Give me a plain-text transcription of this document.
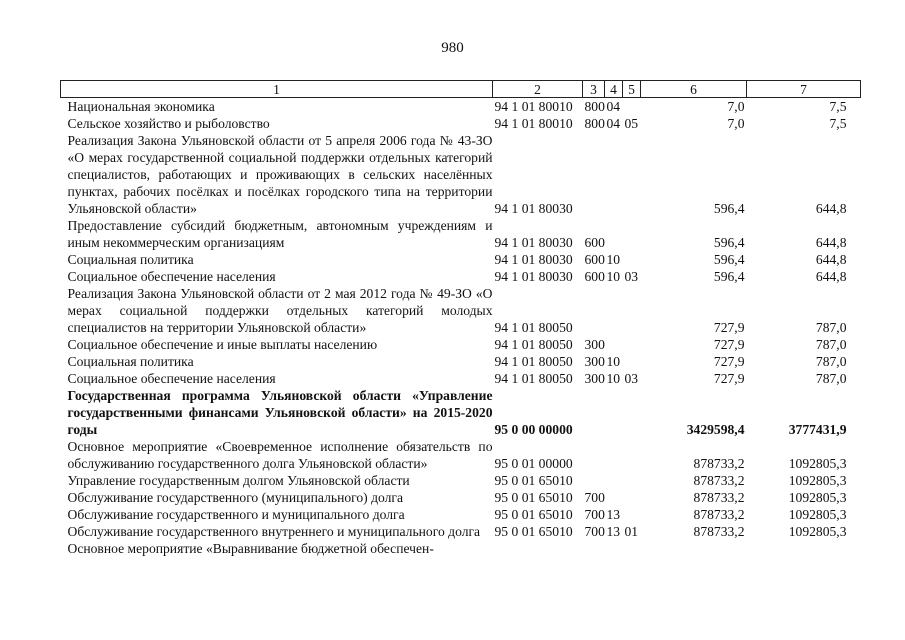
980
1	2	3	4	5	6	7
Национальная экономика	94 1 01 80010	800	04		7,0	7,5
Сельское хозяйство и рыболовство	94 1 01 80010	800	04	05	7,0	7,5
Реализация Закона Ульяновской области от 5 апреля 2006 года № 43-ЗО «О мерах государственной социальной поддержки отдельных категорий специалистов, работающих и проживающих в сельских населённых пунктах, рабочих посёлках и посёлках городского типа на территории Ульяновской области»	94 1 01 80030				596,4	644,8
Предоставление субсидий бюджетным, автономным учреждениям и иным некоммерческим организациям	94 1 01 80030	600			596,4	644,8
Социальная политика	94 1 01 80030	600	10		596,4	644,8
Социальное обеспечение населения	94 1 01 80030	600	10	03	596,4	644,8
Реализация Закона Ульяновской области от 2 мая 2012 года № 49-ЗО «О мерах социальной поддержки отдельных категорий молодых специалистов на территории Ульяновской области»	94 1 01 80050				727,9	787,0
Социальное обеспечение и иные выплаты населению	94 1 01 80050	300			727,9	787,0
Социальная политика	94 1 01 80050	300	10		727,9	787,0
Социальное обеспечение населения	94 1 01 80050	300	10	03	727,9	787,0
Государственная программа Ульяновской области «Управление государственными финансами Ульяновской области» на 2015-2020 годы	95 0 00 00000				3429598,4	3777431,9
Основное мероприятие «Своевременное исполнение обязательств по обслуживанию государственного долга Ульяновской области»	95 0 01 00000				878733,2	1092805,3
Управление государственным долгом Ульяновской области	95 0 01 65010				878733,2	1092805,3
Обслуживание государственного (муниципального) долга	95 0 01 65010	700			878733,2	1092805,3
Обслуживание государственного и муниципального долга	95 0 01 65010	700	13		878733,2	1092805,3
Обслуживание государственного внутреннего и муниципального долга	95 0 01 65010	700	13	01	878733,2	1092805,3
Основное мероприятие «Выравнивание бюджетной обеспечен-						
